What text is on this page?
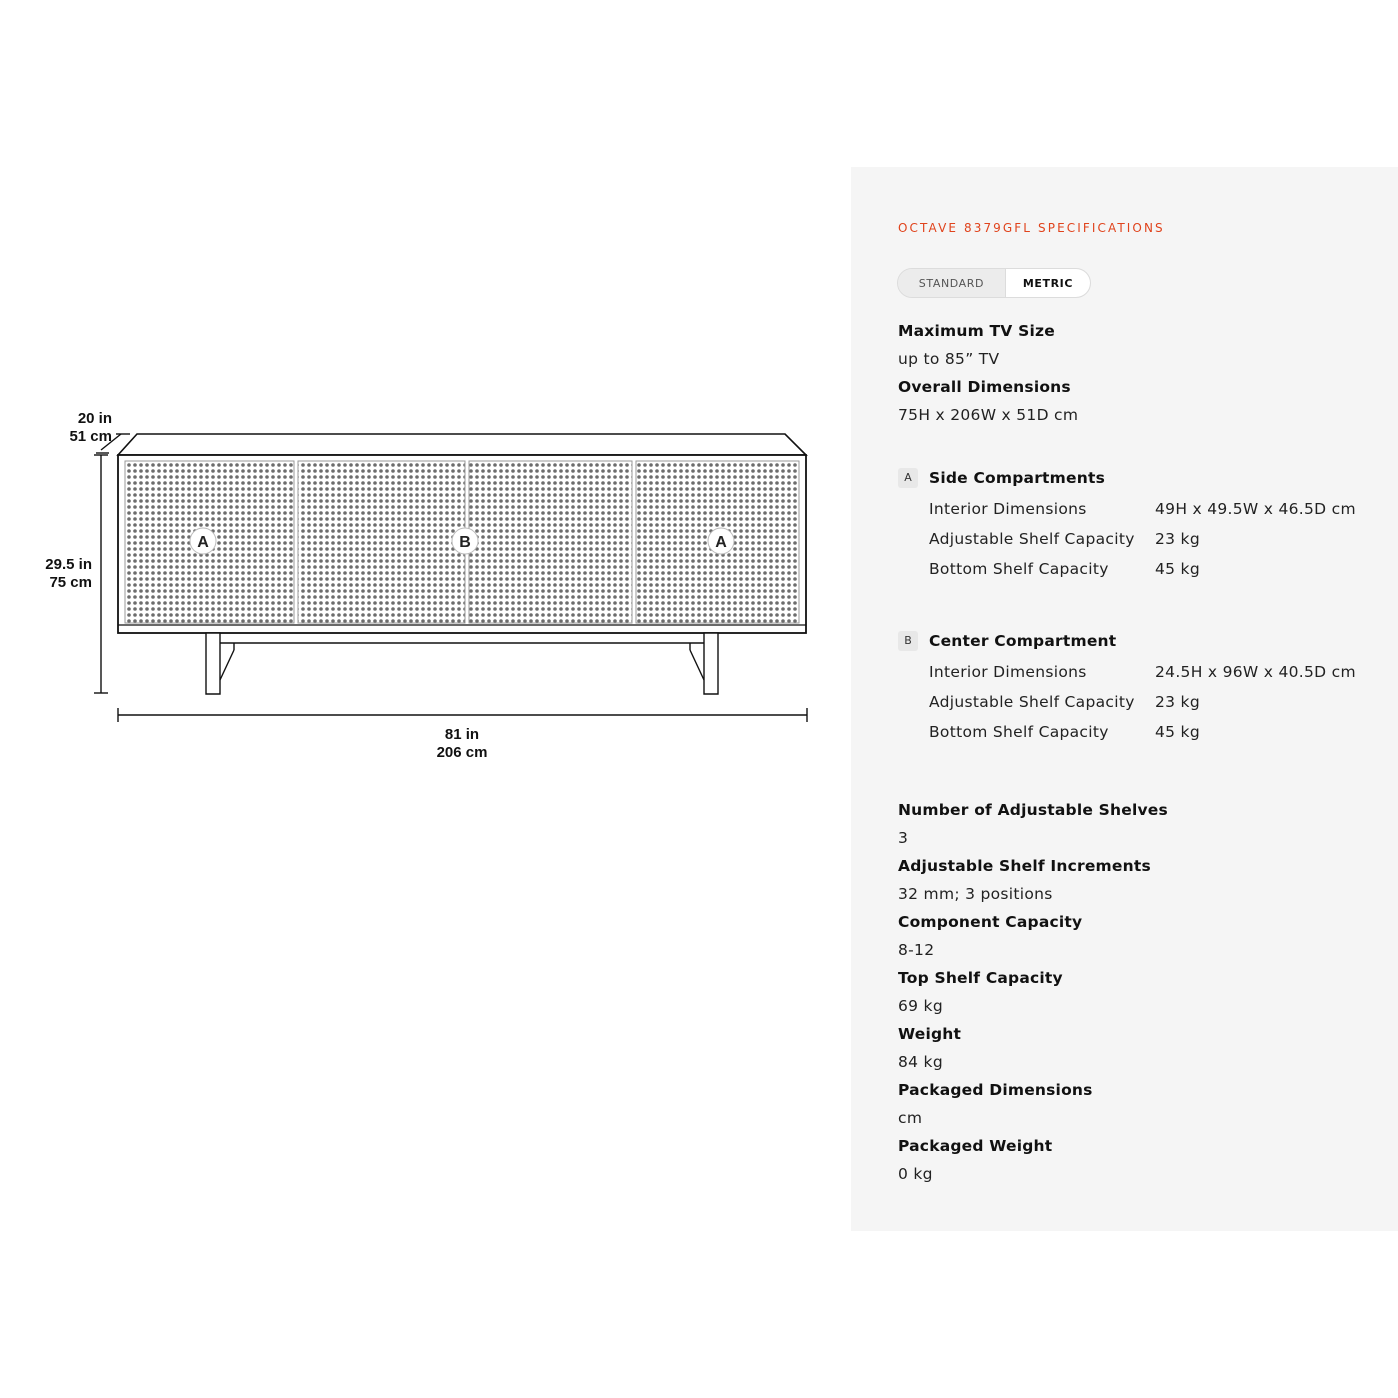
A	B	A
20 in
51 cm
29.5 in
75 cm
81 in
206 cm
OCTAVE 8379GFL SPECIFICATIONS
STANDARD	METRIC
Maximum TV Size
up to 85” TV
Overall Dimensions
75H x 206W x 51D cm
A	Side Compartments
Interior Dimensions	49H x 49.5W x 46.5D cm
Adjustable Shelf Capacity	23 kg
Bottom Shelf Capacity	45 kg
B	Center Compartment
Interior Dimensions	24.5H x 96W x 40.5D cm
Adjustable Shelf Capacity	23 kg
Bottom Shelf Capacity	45 kg
Number of Adjustable Shelves
3
Adjustable Shelf Increments
32 mm; 3 positions
Component Capacity
8-12
Top Shelf Capacity
69 kg
Weight
84 kg
Packaged Dimensions
cm
Packaged Weight
0 kg
